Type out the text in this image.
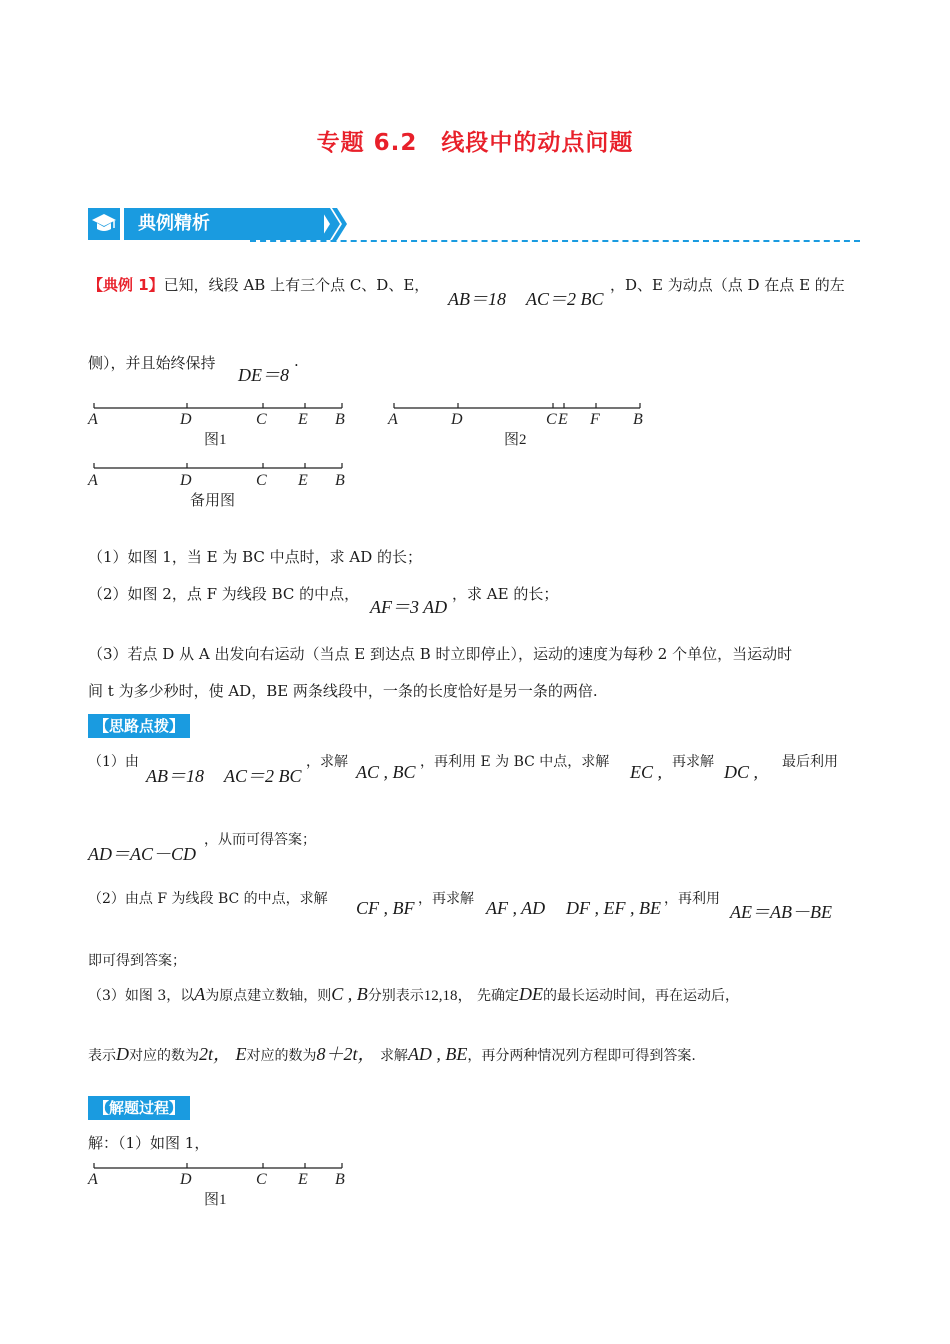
专题 6.2　线段中的动点问题
典例精析
【典例 1】已知，线段 AB 上有三个点 C、D、E，
AB＝18 AC＝2 BC
，D、E 为动点（点 D 在点 E 的左
侧），并且始终保持
DE＝8
.
A	D	C E B
图1
A	D	C E F B
图2
A	D	C E B
备用图
（1）如图 1，当 E 为 BC 中点时，求 AD 的长；
（2）如图 2，点 F 为线段 BC 的中点，
AF＝3 AD
，求 AE 的长；
（3）若点 D 从 A 出发向右运动（当点 E 到达点 B 时立即停止），运动的速度为每秒 2 个单位，当运动时
间 t 为多少秒时，使 AD，BE 两条线段中，一条的长度恰好是另一条的两倍.
【思路点拨】
（1）由
AB＝18 AC＝2 BC
，求解 AC , BC ，再利用 E 为 BC 中点，求解 EC , 再求解 DC , 最后利用
AD＝AC－CD
，从而可得答案；
（2）由点 F 为线段 BC 的中点，求解 CF , BF ，再求解 AF , AD DF , EF , BE ，再利用
AE＝AB－BE
即可得到答案；
（3）如图 3，以A为原点建立数轴，则C , B分别表示12,18， 先确定DE的最长运动时间，再在运动后，
表示D对应的数为2t， E对应的数为8＋2t， 求解AD , BE，再分两种情况列方程即可得到答案.
【解题过程】
解：（1）如图 1，
A	D	C E B
图1
